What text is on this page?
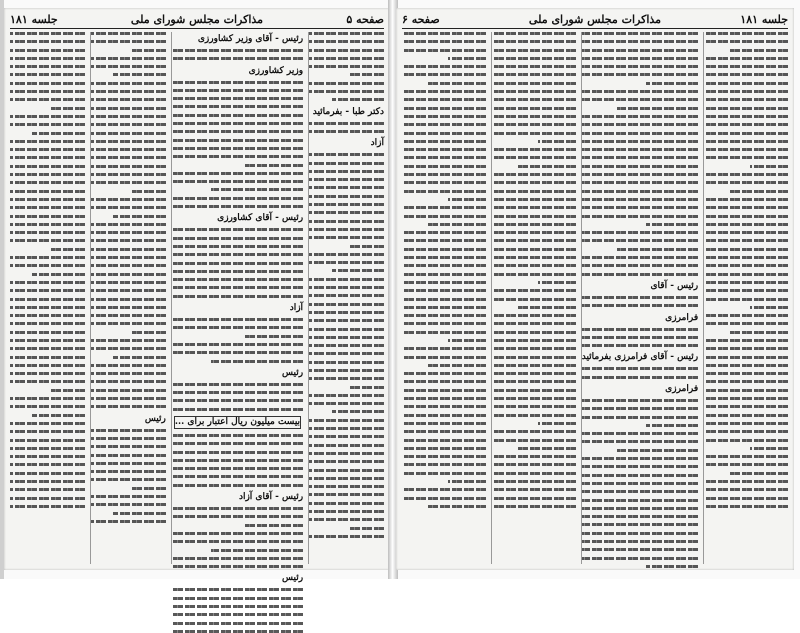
صفحه ۵
مذاکرات مجلس شورای ملی
جلسه ۱۸۱
دکتر طبا - بفرمائید
آزاد
رئیس - آقای وزیر کشاورزی
وزیر کشاورزی
رئیس - آقای کشاورزی
آزاد
رئیس
بیست میلیون ریال اعتبار برای ...
رئیس - آقای آزاد
رئیس
رئیس
جلسه ۱۸۱
مذاکرات مجلس شورای ملی
صفحه ۶
رئیس - آقای
فرامرزی
رئیس - آقای فرامرزی بفرمائید
فرامرزی
